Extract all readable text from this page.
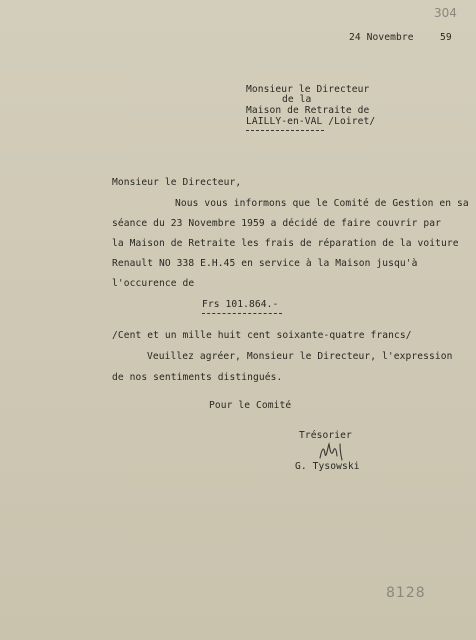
304
24 Novembre	59
Monsieur le Directeur
de la
Maison de Retraite de
LAILLY-en-VAL /Loiret/
Monsieur le Directeur,
Nous vous informons que le Comité de Gestion en sa
séance du 23 Novembre 1959 a décidé de faire couvrir par
la Maison de Retraite les frais de réparation de la voiture
Renault NO 338 E.H.45 en service à la Maison jusqu'à
l'occurence de
Frs 101.864.-
/Cent et un mille huit cent soixante-quatre francs/
Veuillez agréer, Monsieur le Directeur, l'expression
de nos sentiments distingués.
Pour le Comité
Trésorier
G. Tysowski
8128
